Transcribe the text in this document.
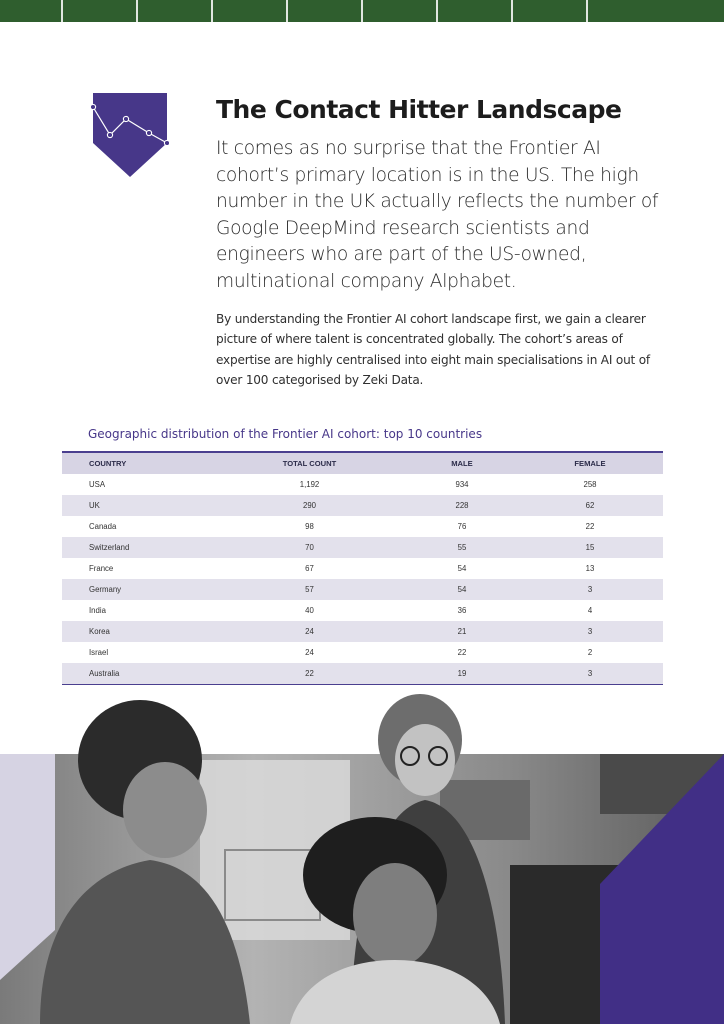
The Contact Hitter Landscape

It comes as no surprise that the Frontier AI cohort’s primary location is in the US. The high number in the UK actually reflects the number of Google DeepMind research scientists and engineers who are part of the US-owned, multinational company Alphabet.

By understanding the Frontier AI cohort landscape first, we gain a clearer picture of where talent is concentrated globally. The cohort’s areas of expertise are highly centralised into eight main specialisations in AI out of over 100 categorised by Zeki Data.

Geographic distribution of the Frontier AI cohort: top 10 countries
COUNTRY	TOTAL COUNT	MALE	FEMALE
USA	1,192	934	258
UK	290	228	62
Canada	98	76	22
Switzerland	70	55	15
France	67	54	13
Germany	57	54	3
India	40	36	4
Korea	24	21	3
Israel	24	22	2
Australia	22	19	3
